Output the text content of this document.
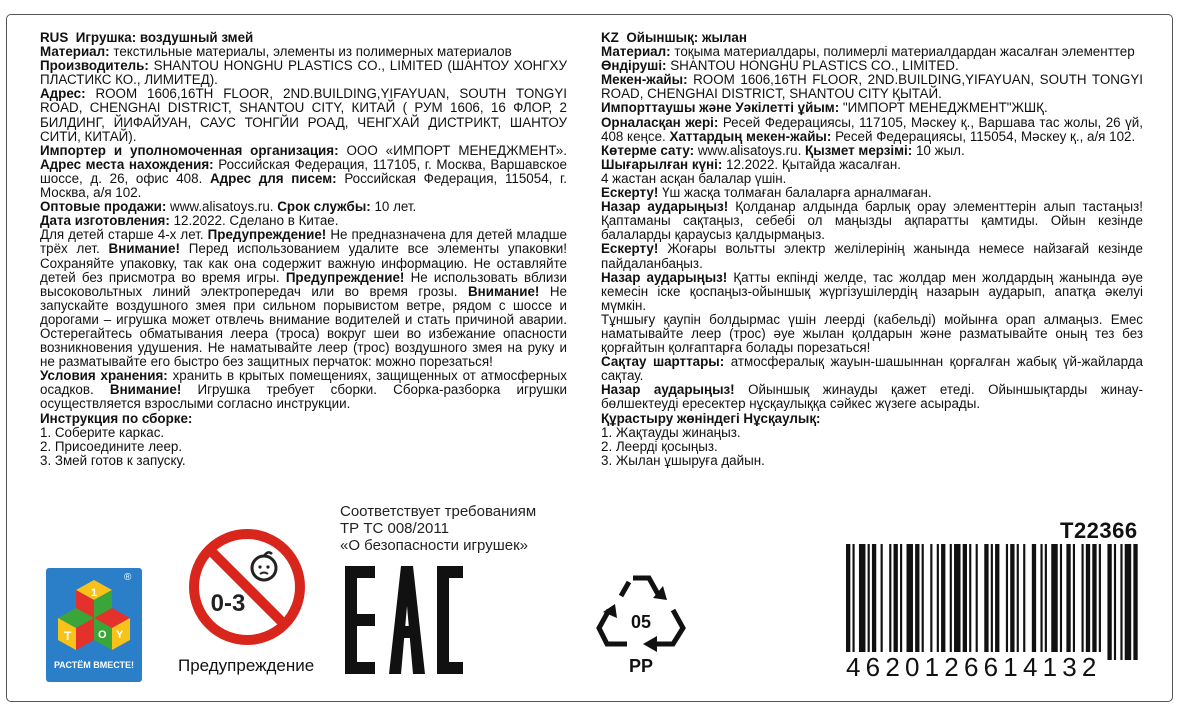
RUS Игрушка: воздушный змей

Материал: текстильные материалы, элементы из полимерных материалов

Производитель: SHANTOU HONGHU PLASTICS CO., LIMITED (ШАНТОУ ХОНГХУ ПЛАСТИКС КО., ЛИМИТЕД).

Адрес: ROOM 1606,16TH FLOOR, 2ND.BUILDING,YIFAYUAN, SOUTH TONGYI ROAD, CHENGHAI DISTRICT, SHANTOU CITY, КИТАЙ ( РУМ 1606, 16 ФЛОР, 2 БИЛДИНГ, ЙИФАЙУАН, САУС ТОНГЙИ РОАД, ЧЕНГХАЙ ДИСТРИКТ, ШАНТОУ СИТИ, КИТАЙ).

Импортер и уполномоченная организация: ООО «ИМПОРТ МЕНЕДЖМЕНТ». Адрес места нахождения: Российская Федерация, 117105, г. Москва, Варшавское шоссе, д. 26, офис 408. Адрес для писем: Российская Федерация, 115054, г. Москва, а/я 102.

Оптовые продажи: www.alisatoys.ru. Срок службы: 10 лет.

Дата изготовления: 12.2022. Сделано в Китае.

Для детей старше 4-х лет. Предупреждение! Не предназначена для детей младше трёх лет. Внимание! Перед использованием удалите все элементы упаковки! Сохраняйте упаковку, так как она содержит важную информацию. Не оставляйте детей без присмотра во время игры. Предупреждение! Не использовать вблизи высоковольтных линий электропередач или во время грозы. Внимание! Не запускайте воздушного змея при сильном порывистом ветре, рядом с шоссе и дорогами – игрушка может отвлечь внимание водителей и стать причиной аварии. Остерегайтесь обматывания леера (троса) вокруг шеи во избежание опасности возникновения удушения. Не наматывайте леер (трос) воздушного змея на руку и не разматывайте его быстро без защитных перчаток: можно порезаться!

Условия хранения: хранить в крытых помещениях, защищенных от атмосферных осадков. Внимание! Игрушка требует сборки. Сборка-разборка игрушки осуществляется взрослыми согласно инструкции.

Инструкция по сборке:

1. Соберите каркас.

2. Присоедините леер.

3. Змей готов к запуску.

KZ Ойыншық: жылан

Материал: тоқыма материалдары, полимерлі материалдардан жасалған элементтер

Өндіруші: SHANTOU HONGHU PLASTICS CO., LIMITED.

Мекен-жайы: ROOM 1606,16TH FLOOR, 2ND.BUILDING,YIFAYUAN, SOUTH TONGYI ROAD, CHENGHAI DISTRICT, SHANTOU CITY ҚЫТАЙ.

Импорттаушы және Уәкілетті ұйым: "ИМПОРТ МЕНЕДЖМЕНТ"ЖШҚ.

Орналасқан жері: Ресей Федерациясы, 117105, Мәскеу қ., Варшава тас жолы, 26 үй, 408 кеңсе. Хаттардың мекен-жайы: Ресей Федерациясы, 115054, Мәскеу қ., а/я 102.

Көтерме сату: www.alisatoys.ru. Қызмет мерзімі: 10 жыл.

Шығарылған күні: 12.2022. Қытайда жасалған.

4 жастан асқан балалар үшін.

Ескерту! Үш жасқа толмаған балаларға арналмаған.

Назар аударыңыз! Қолданар алдында барлық орау элементтерін алып тастаңыз! Қаптаманы сақтаңыз, себебі ол маңызды ақпаратты қамтиды. Ойын кезінде балаларды қараусыз қалдырмаңыз.

Ескерту! Жоғары вольтты электр желілерінің жанында немесе найзағай кезінде пайдаланбаңыз.

Назар аударыңыз! Қатты екпінді желде, тас жолдар мен жолдардың жанында әуе кемесін іске қоспаңыз-ойыншық жүргізушілердің назарын аударып, апатқа әкелуі мүмкін.

Тұншығу қаупін болдырмас үшін леерді (кабельді) мойынға орап алмаңыз. Емес наматывайте леер (трос) әуе жылан қолдарын және разматывайте оның тез без қорғайтын қолғаптарға болады порезаться!

Сақтау шарттары: атмосфералық жауын-шашыннан қорғалған жабық үй-жайларда сақтау.

Назар аударыңыз! Ойыншық жинауды қажет етеді. Ойыншықтарды жинау-бөлшектеуді ересектер нұсқаулыққа сәйкес жүзеге асырады.

Құрастыру жөніндегі Нұсқаулық:

1. Жақтауды жинаңыз.

2. Леерді қосыңыз.

3. Жылан ұшыруға дайын.

1
T O Y
®
РАСТЁМ ВМЕСТЕ!
0-3
Предупреждение
Соответствует требованиям
ТР ТС 008/2011
«О безопасности игрушек»
05
PP
T22366
4620126614132
